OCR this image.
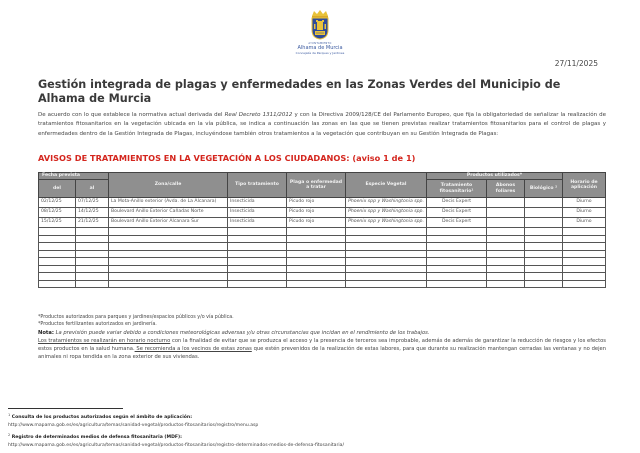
AYUNTAMIENTO
Alhama de Murcia
Concejalía de Parques y Jardines
27/11/2025
Gestión integrada de plagas y enfermedades en las Zonas Verdes del Municipio de Alhama de Murcia
De acuerdo con lo que establece la normativa actual derivada del Real Decreto 1311/2012 y con la Directiva 2009/128/CE del Parlamento Europeo, que fija la obligatoriedad de señalizar la realización de tratamientos fitosanitarios en la vegetación ubicada en la vía pública, se indica a continuación las zonas en las que se tienen previstas realizar tratamientos fitosanitarios para el control de plagas y enfermedades dentro de la Gestión Integrada de Plagas, incluyéndose también otros tratamientos a la vegetación que contribuyan en su Gestión Integrada de Plagas:
AVISOS DE TRATAMIENTOS EN LA VEGETACIÓN A LOS CIUDADANOS: (aviso 1 de 1)
Fecha prevista		Zona/calle	Tipo tratamiento	Plaga o enfermedad a tratar	Especie Vegetal	Productos utilizados*			Horario de aplicación
del	al					Tratamiento fitosanitario¹	Abonos foliares	Biológico ²	
02/12/25	07/12/25	La Mota-Anillo exterior (Avda. de La Alcanara)	Insecticida	Picudo rojo	Phoenix spp y Washingtonia spp.	Decis Expert			Diurno
08/12/25	14/12/25	Boulevard Anillo Exterior Cañadas Norte	Insecticida	Picudo rojo	Phoenix spp y Washingtonia spp.	Decis Expert			Diurno
15/12/25	21/12/25	Boulevard Anillo Exterior Alcanara Sur	Insecticida	Picudo rojo	Phoenix spp y Washingtonia spp.	Decis Expert			Diurno

*Productos autorizados para parques y jardines/espacios públicos y/o vía pública.
*Productos fertilizantes autorizados en jardinería.
Nota: La previsión puede variar debido a condiciones meteorológicas adversas y/u otras circunstancias que incidan en el rendimiento de los trabajos.
Los tratamientos se realizarán en horario nocturno con la finalidad de evitar que se produzca el acceso y la presencia de terceros sea improbable, además de además de garantizar la reducción de riesgos y los efectos estos productos en la salud humana. Se recomienda a los vecinos de estas zonas que estén prevenidos de la realización de estas labores, para que durante su realización mantengan cerradas las ventanas y no dejen animales ni ropa tendida en la zona exterior de sus viviendas.
$^1$ Consulta de los productos autorizados según el ámbito de aplicación:
http://www.mapama.gob.es/es/agricultura/temas/sanidad-vegetal/productos-fitosanitarios/registro/menu.asp
$^2$ Registro de determinados medios de defensa fitosanitaria (MDF):
http://www.mapama.gob.es/es/agricultura/temas/sanidad-vegetal/productos-fitosanitarios/registro-determinados-medios-de-defensa-fitosanitaria/
